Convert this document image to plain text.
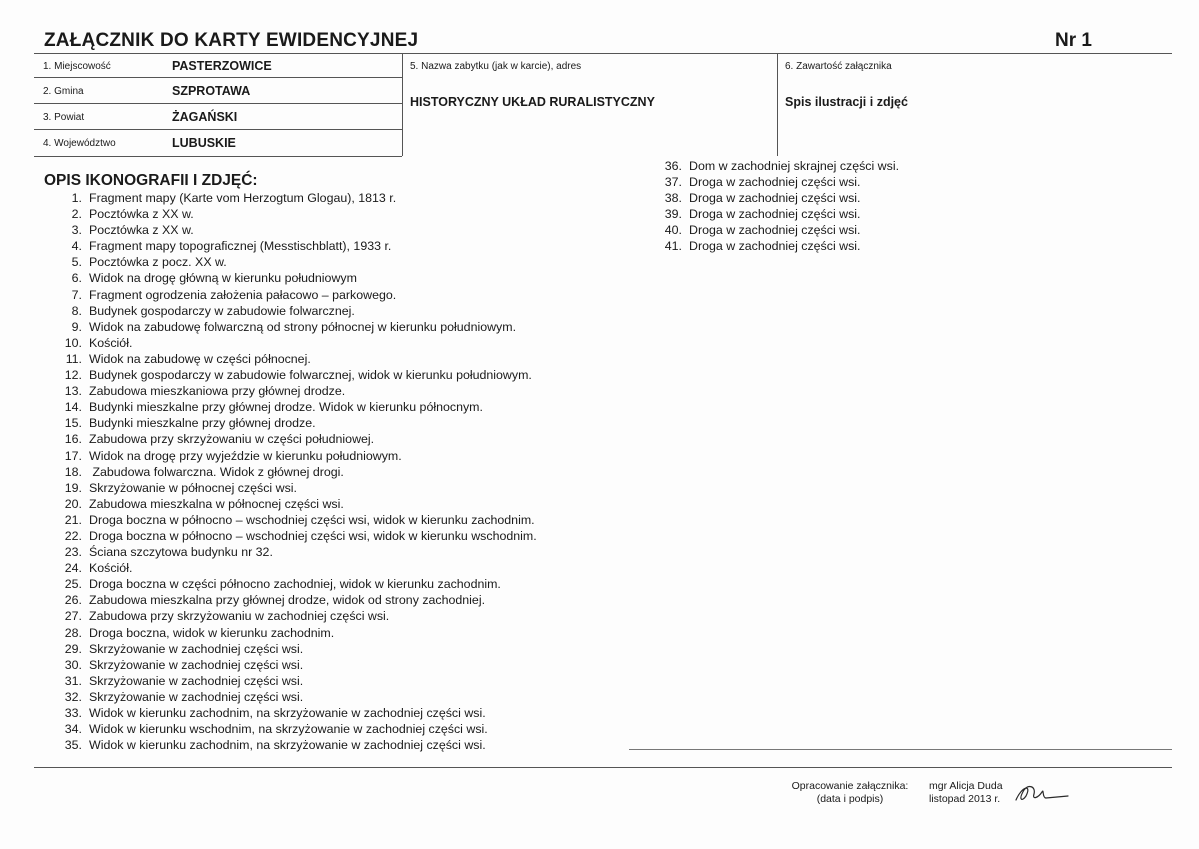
ZAŁĄCZNIK DO KARTY EWIDENCYJNEJ	Nr 1
1. Miejscowość	PASTERZOWICE
2. Gmina	SZPROTAWA
3. Powiat	ŻAGAŃSKI
4. Województwo	LUBUSKIE
5. Nazwa zabytku (jak w karcie), adres
HISTORYCZNY UKŁAD RURALISTYCZNY
6. Zawartość załącznika
Spis ilustracji i zdjęć
OPIS IKONOGRAFII I ZDJĘĆ:
1. Fragment mapy (Karte vom Herzogtum Glogau), 1813 r.
2. Pocztówka z XX w.
3. Pocztówka z XX w.
4. Fragment mapy topograficznej (Messtischblatt), 1933 r.
5. Pocztówka z pocz. XX w.
6. Widok na drogę główną w kierunku południowym
7. Fragment ogrodzenia założenia pałacowo – parkowego.
8. Budynek gospodarczy w zabudowie folwarcznej.
9. Widok na zabudowę folwarczną od strony północnej w kierunku południowym.
10. Kościół.
11. Widok na zabudowę w części północnej.
12. Budynek gospodarczy w zabudowie folwarcznej, widok w kierunku południowym.
13. Zabudowa mieszkaniowa przy głównej drodze.
14. Budynki mieszkalne przy głównej drodze. Widok w kierunku północnym.
15. Budynki mieszkalne przy głównej drodze.
16. Zabudowa przy skrzyżowaniu w części południowej.
17. Widok na drogę przy wyjeździe w kierunku południowym.
18. Zabudowa folwarczna. Widok z głównej drogi.
19. Skrzyżowanie w północnej części wsi.
20. Zabudowa mieszkalna w północnej części wsi.
21. Droga boczna w północno – wschodniej części wsi, widok w kierunku zachodnim.
22. Droga boczna w północno – wschodniej części wsi, widok w kierunku wschodnim.
23. Ściana szczytowa budynku nr 32.
24. Kościół.
25. Droga boczna w części północno zachodniej, widok w kierunku zachodnim.
26. Zabudowa mieszkalna przy głównej drodze, widok od strony zachodniej.
27. Zabudowa przy skrzyżowaniu w zachodniej części wsi.
28. Droga boczna, widok w kierunku zachodnim.
29. Skrzyżowanie w zachodniej części wsi.
30. Skrzyżowanie w zachodniej części wsi.
31. Skrzyżowanie w zachodniej części wsi.
32. Skrzyżowanie w zachodniej części wsi.
33. Widok w kierunku zachodnim, na skrzyżowanie w zachodniej części wsi.
34. Widok w kierunku wschodnim, na skrzyżowanie w zachodniej części wsi.
35. Widok w kierunku zachodnim, na skrzyżowanie w zachodniej części wsi.
36. Dom w zachodniej skrajnej części wsi.
37. Droga w zachodniej części wsi.
38. Droga w zachodniej części wsi.
39. Droga w zachodniej części wsi.
40. Droga w zachodniej części wsi.
41. Droga w zachodniej części wsi.
Opracowanie załącznika:
(data i podpis)
mgr Alicja Duda
listopad 2013 r.
